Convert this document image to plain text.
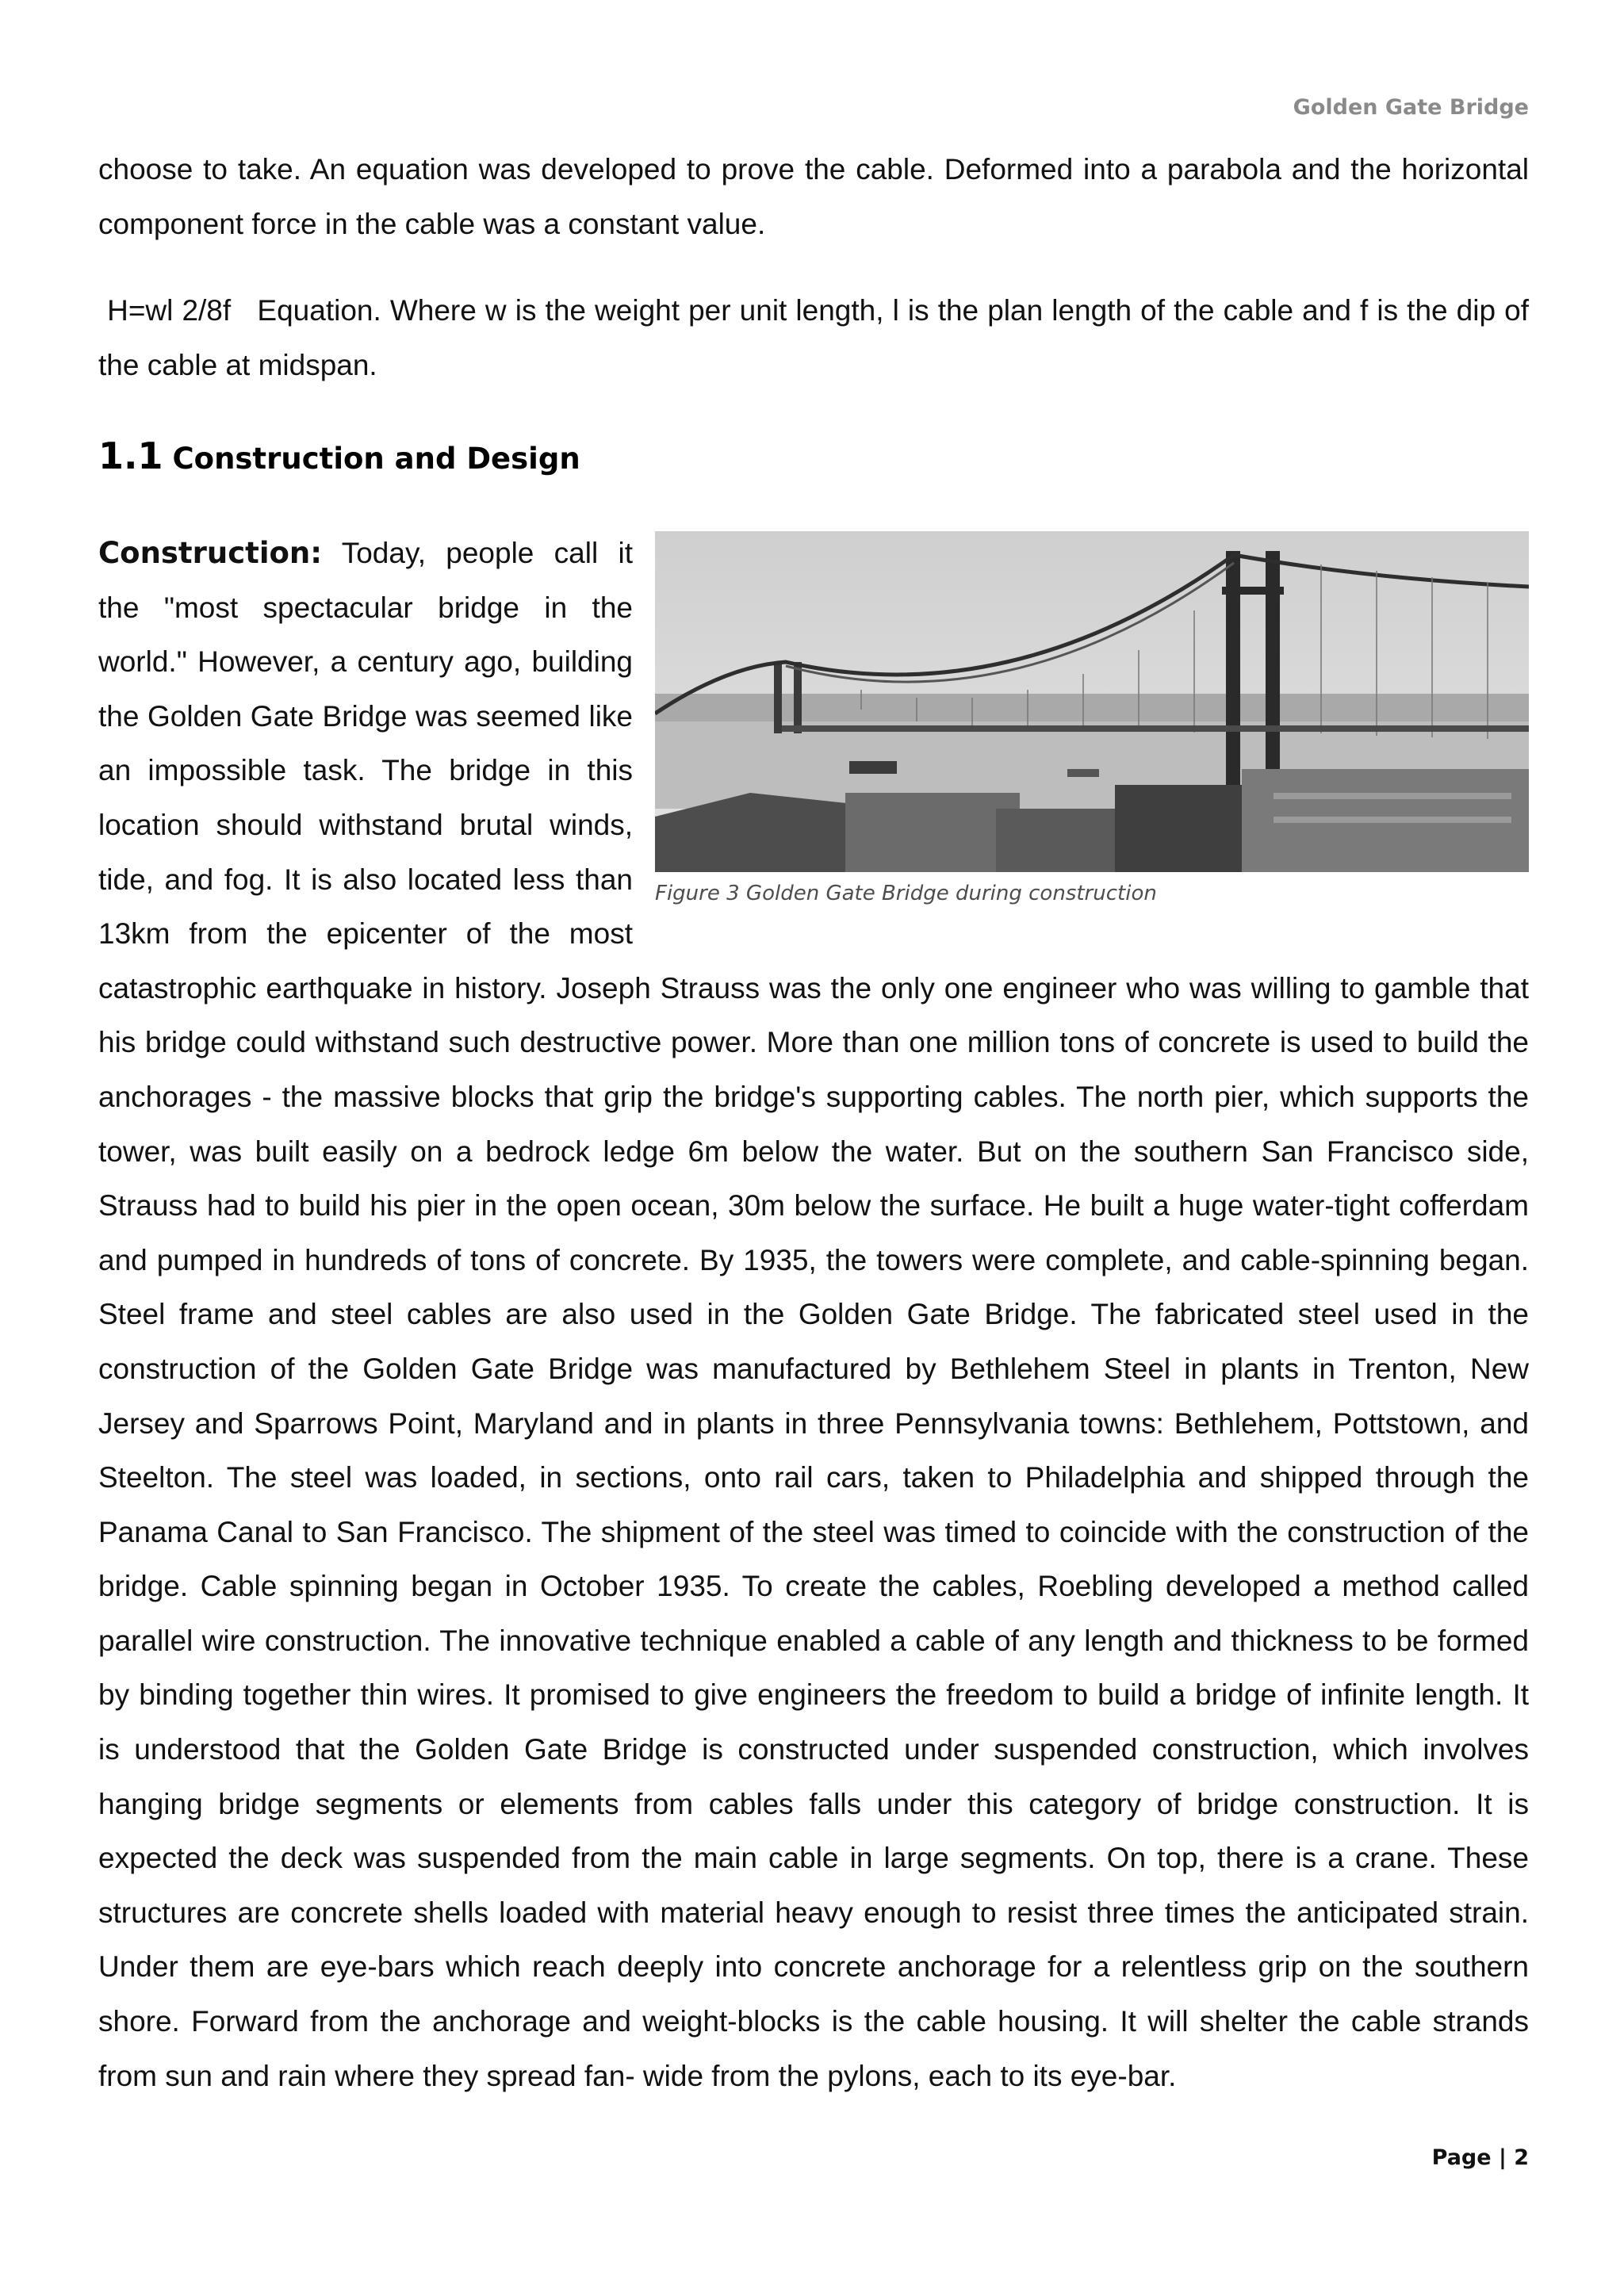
Golden Gate Bridge

choose to take. An equation was developed to prove the cable. Deformed into a parabola and the horizontal component force in the cable was a constant value.

H=wl 2/8f   Equation. Where w is the weight per unit length, l is the plan length of the cable and f is the dip of the cable at midspan.

1.1 Construction and Design
Figure 3 Golden Gate Bridge during construction
Construction: Today, people call it the "most spectacular bridge in the world." However, a century ago, building the Golden Gate Bridge was seemed like an impossible task. The bridge in this location should withstand brutal winds, tide, and fog. It is also located less than 13km from the epicenter of the most catastrophic earthquake in history. Joseph Strauss was the only one engineer who was willing to gamble that his bridge could withstand such destructive power. More than one million tons of concrete is used to build the anchorages - the massive blocks that grip the bridge's supporting cables. The north pier, which supports the tower, was built easily on a bedrock ledge 6m below the water. But on the southern San Francisco side, Strauss had to build his pier in the open ocean, 30m below the surface. He built a huge water-tight cofferdam and pumped in hundreds of tons of concrete. By 1935, the towers were complete, and cable-spinning began. Steel frame and steel cables are also used in the Golden Gate Bridge. The fabricated steel used in the construction of the Golden Gate Bridge was manufactured by Bethlehem Steel in plants in Trenton, New Jersey and Sparrows Point, Maryland and in plants in three Pennsylvania towns: Bethlehem, Pottstown, and Steelton. The steel was loaded, in sections, onto rail cars, taken to Philadelphia and shipped through the Panama Canal to San Francisco. The shipment of the steel was timed to coincide with the construction of the bridge. Cable spinning began in October 1935. To create the cables, Roebling developed a method called parallel wire construction. The innovative technique enabled a cable of any length and thickness to be formed by binding together thin wires. It promised to give engineers the freedom to build a bridge of infinite length. It is understood that the Golden Gate Bridge is constructed under suspended construction, which involves hanging bridge segments or elements from cables falls under this category of bridge construction. It is expected the deck was suspended from the main cable in large segments. On top, there is a crane. These structures are concrete shells loaded with material heavy enough to resist three times the anticipated strain. Under them are eye-bars which reach deeply into concrete anchorage for a relentless grip on the southern shore. Forward from the anchorage and weight-blocks is the cable housing. It will shelter the cable strands from sun and rain where they spread fan- wide from the pylons, each to its eye-bar.
Page | 2
